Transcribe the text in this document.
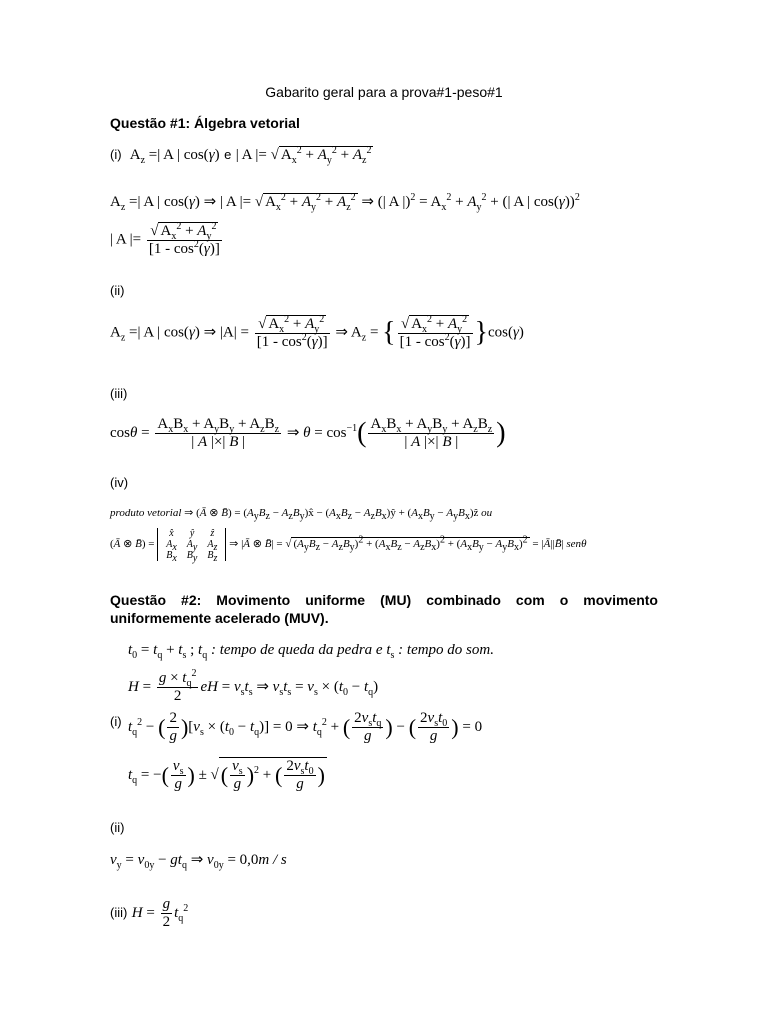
Gabarito geral para a prova#1-peso#1
Questão #1: Álgebra vetorial
(i)  $A_z$ =| A | cos(γ) e | A |= √ $A_x^2 + A_y^2 + A_z^2$
$A_z$ =| A | cos(γ) ⇒ | A |= √ $A_x^2 + A_y^2 + A_z^2$ ⇒ (| A $|)^2 = A_x^2 + A_y^2$ + (| A | cos(γ))$^2$
| A |= $\frac{√ A_x^2 + A_y^2}{[1 - \cos^2(\gamma)]}$
(ii)
$A_z$ =| A | cos(γ) ⇒ $|A| = \frac{√ A_x^2 + A_y^2}{[1 - \cos^2(\gamma)]}$ ⇒ $A_z$ = { $\frac{√ A_x^2 + A_y^2}{[1 - \cos^2(\gamma)]} \}\cos(\gamma)$
(iii)
$\cos\theta = \frac{A_xB_x + A_yB_y + A_zB_z}{| A |\times| B |}$ ⇒ $\theta = \cos^{-1}( \frac{A_xB_x + A_yB_y + A_zB_z}{| A |\times| B |}$ )
(iv)
produto vetorial ⇒ (Ā ⊗ B̄) = ($A_yB_z$ − $A_zB_y)x̂ - (A_xB_z$ − $A_zB_x)ŷ + (A_xB_y$ − $A_yB_x)ẑ$ ou
(Ā ⊗ B̄) =
x̂	ŷ	ẑ
$A_x$	$A_y$	$A_z$
$B_x$	$B_y$	$B_z$
⇒ |Ā ⊗ B̄| = √ $(A_yB_z - A_zB_y)^2 + (A_xB_z - A_zB_x)^2 + (A_xB_y - A_yB_x)^2$ = |Ā||B̄| senθ
Questão #2: Movimento uniforme (MU) combinado com o movimento
uniformemente acelerado (MUV).
$t_0 = t_q + t_s$ ; $t_q$ : tempo de queda da pedra e $t_s$ : tempo do som.
$H = \frac{g \times t_q^2}{2}$ eH = $v_st_s$ ⇒ $v_st_s = v_s \times (t_0 - t_q)$
(i) $t_q^2$ − ( $\frac{2}{g} )[v_s \times (t_0 - t_q)] = 0$ ⇒ $t_q^2$ + ( $\frac{2v_st_q}{g}$ ) − ( $\frac{2v_st_0}{g}$ ) = 0
$t_q$ = −( $\frac{v_s}{g}$ ) ± √( $\frac{v_s}{g} )^2$ + ( $\frac{2v_st_0}{g}$ )
(ii)
$v_y = v_{0y} - gt_q$ ⇒ $v_{0y} = 0,0m / s$
(iii) $H = \frac{g}{2} t_q^2$
